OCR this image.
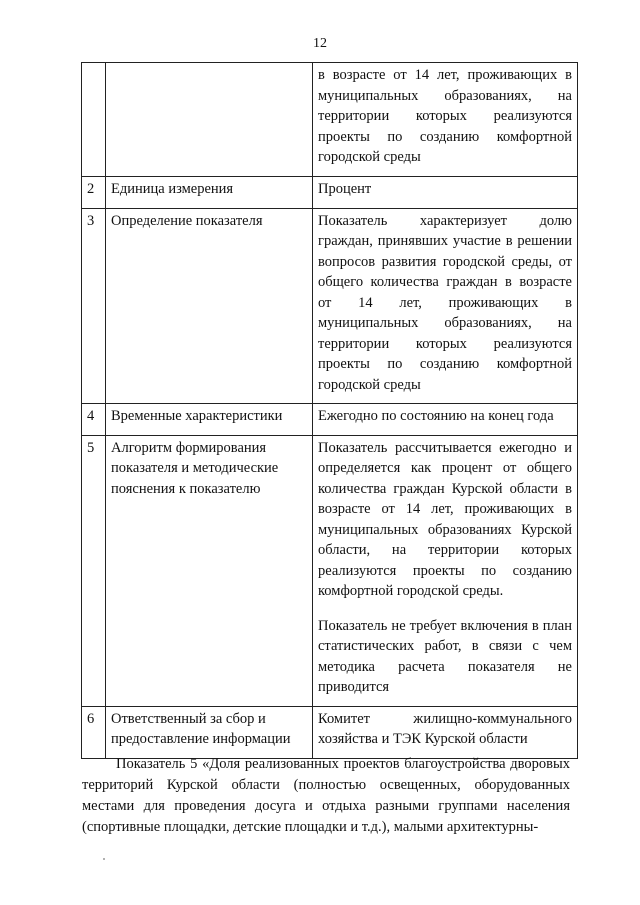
12

		в возрасте от 14 лет, проживающих в муниципальных образованиях, на территории которых реализуются проекты по созданию комфортной городской среды

2	Единица измерения	Процент

3	Определение показателя	Показатель характеризует долю граждан, принявших участие в решении вопросов развития городской среды, от общего количества граждан в возрасте от 14 лет, проживающих в муниципальных образованиях, на территории которых реализуются проекты по созданию комфортной городской среды

4	Временные характеристики	Ежегодно по состоянию на конец года

5	Алгоритм формирования показателя и методические пояснения к показателю	Показатель рассчитывается ежегодно и определяется как процент от общего количества граждан Курской области в возрасте от 14 лет, проживающих в муниципальных образованиях Курской области, на территории которых реализуются проекты по созданию комфортной городской среды.

Показатель не требует включения в план статистических работ, в связи с чем методика расчета показателя не приводится

6	Ответственный за сбор и предоставление информации	Комитет жилищно-коммунального хозяйства и ТЭК Курской области

Показатель 5 «Доля реализованных проектов благоустройства дворовых территорий Курской области (полностью освещенных, оборудованных местами для проведения досуга и отдыха разными группами населения (спортивные площадки, детские площадки и т.д.), малыми архитектурны-
